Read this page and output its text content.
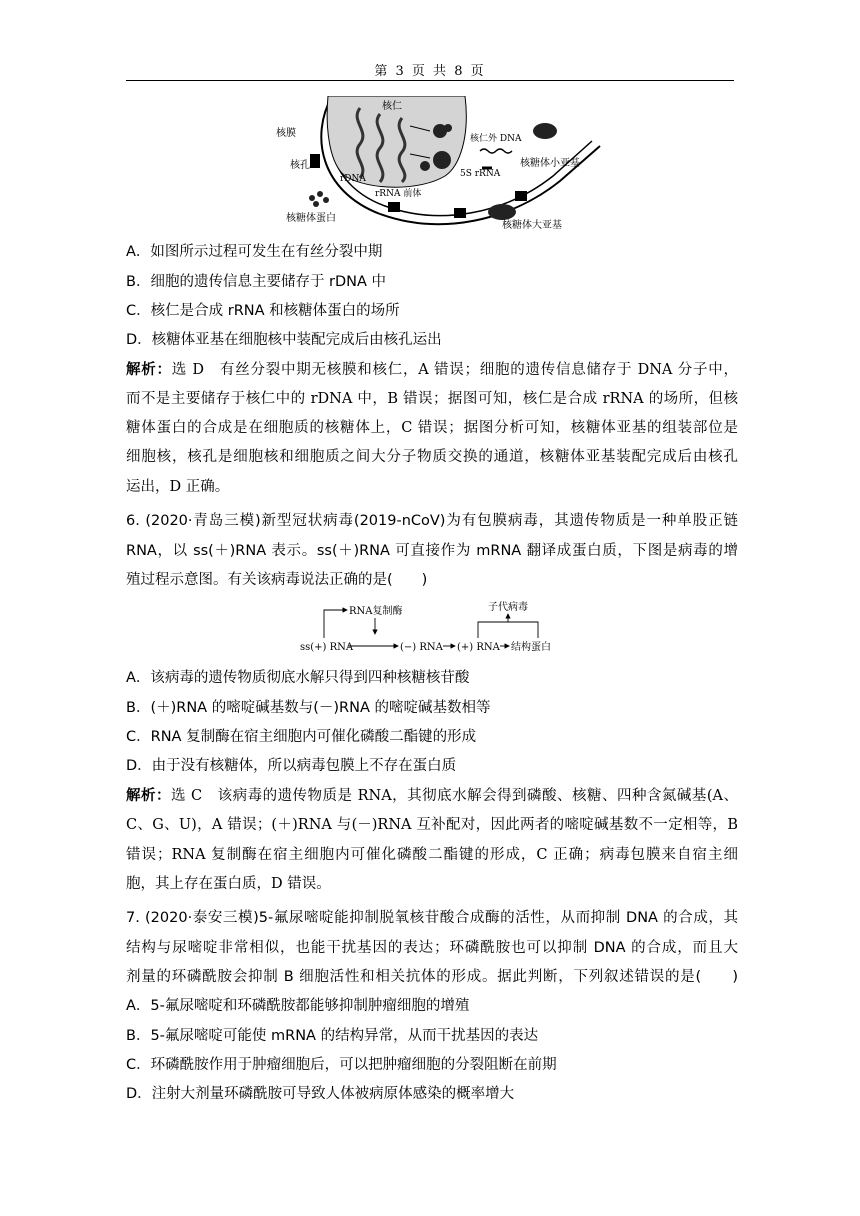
第 3 页 共 8 页
核膜
核孔
核仁
rDNA
核仁外 DNA
5S rRNA
rRNA 前体
核糖体蛋白
核糖体小亚基
核糖体大亚基
A．如图所示过程可发生在有丝分裂中期
B．细胞的遗传信息主要储存于 rDNA 中
C．核仁是合成 rRNA 和核糖体蛋白的场所
D．核糖体亚基在细胞核中装配完成后由核孔运出
解析：选 D　有丝分裂中期无核膜和核仁，A 错误；细胞的遗传信息储存于 DNA 分子中，
而不是主要储存于核仁中的 rDNA 中，B 错误；据图可知，核仁是合成 rRNA 的场所，但核
糖体蛋白的合成是在细胞质的核糖体上，C 错误；据图分析可知，核糖体亚基的组装部位是
细胞核，核孔是细胞核和细胞质之间大分子物质交换的通道，核糖体亚基装配完成后由核孔
运出，D 正确。
6. (2020·青岛三模)新型冠状病毒(2019-nCoV)为有包膜病毒，其遗传物质是一种单股正链
RNA，以 ss(＋)RNA 表示。ss(＋)RNA 可直接作为 mRNA 翻译成蛋白质，下图是病毒的增
殖过程示意图。有关该病毒说法正确的是(　　)
ss(+) RNA	(−) RNA (+) RNA 结构蛋白
RNA复制酶	子代病毒
A．该病毒的遗传物质彻底水解只得到四种核糖核苷酸
B．(＋)RNA 的嘧啶碱基数与(－)RNA 的嘧啶碱基数相等
C．RNA 复制酶在宿主细胞内可催化磷酸二酯键的形成
D．由于没有核糖体，所以病毒包膜上不存在蛋白质
解析：选 C　该病毒的遗传物质是 RNA，其彻底水解会得到磷酸、核糖、四种含氮碱基(A、
C、G、U)，A 错误；(＋)RNA 与(－)RNA 互补配对，因此两者的嘧啶碱基数不一定相等，B
错误；RNA 复制酶在宿主细胞内可催化磷酸二酯键的形成，C 正确；病毒包膜来自宿主细
胞，其上存在蛋白质，D 错误。
7. (2020·泰安三模)5-氟尿嘧啶能抑制脱氧核苷酸合成酶的活性，从而抑制 DNA 的合成，其
结构与尿嘧啶非常相似，也能干扰基因的表达；环磷酰胺也可以抑制 DNA 的合成，而且大
剂量的环磷酰胺会抑制 B 细胞活性和相关抗体的形成。据此判断，下列叙述错误的是(　　)
A．5-氟尿嘧啶和环磷酰胺都能够抑制肿瘤细胞的增殖
B．5-氟尿嘧啶可能使 mRNA 的结构异常，从而干扰基因的表达
C．环磷酰胺作用于肿瘤细胞后，可以把肿瘤细胞的分裂阻断在前期
D．注射大剂量环磷酰胺可导致人体被病原体感染的概率增大
